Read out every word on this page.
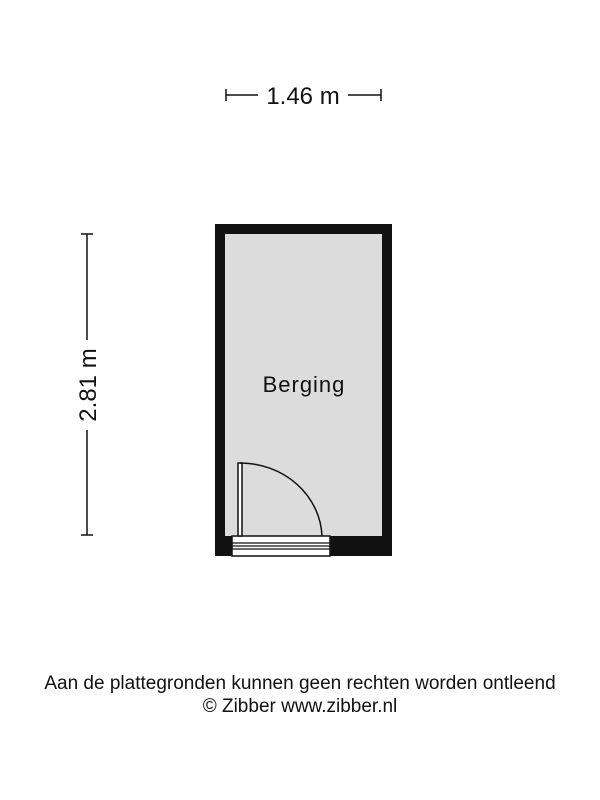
1.46 m
2.81 m	Berging
Aan de plattegronden kunnen geen rechten worden ontleend
© Zibber www.zibber.nl
